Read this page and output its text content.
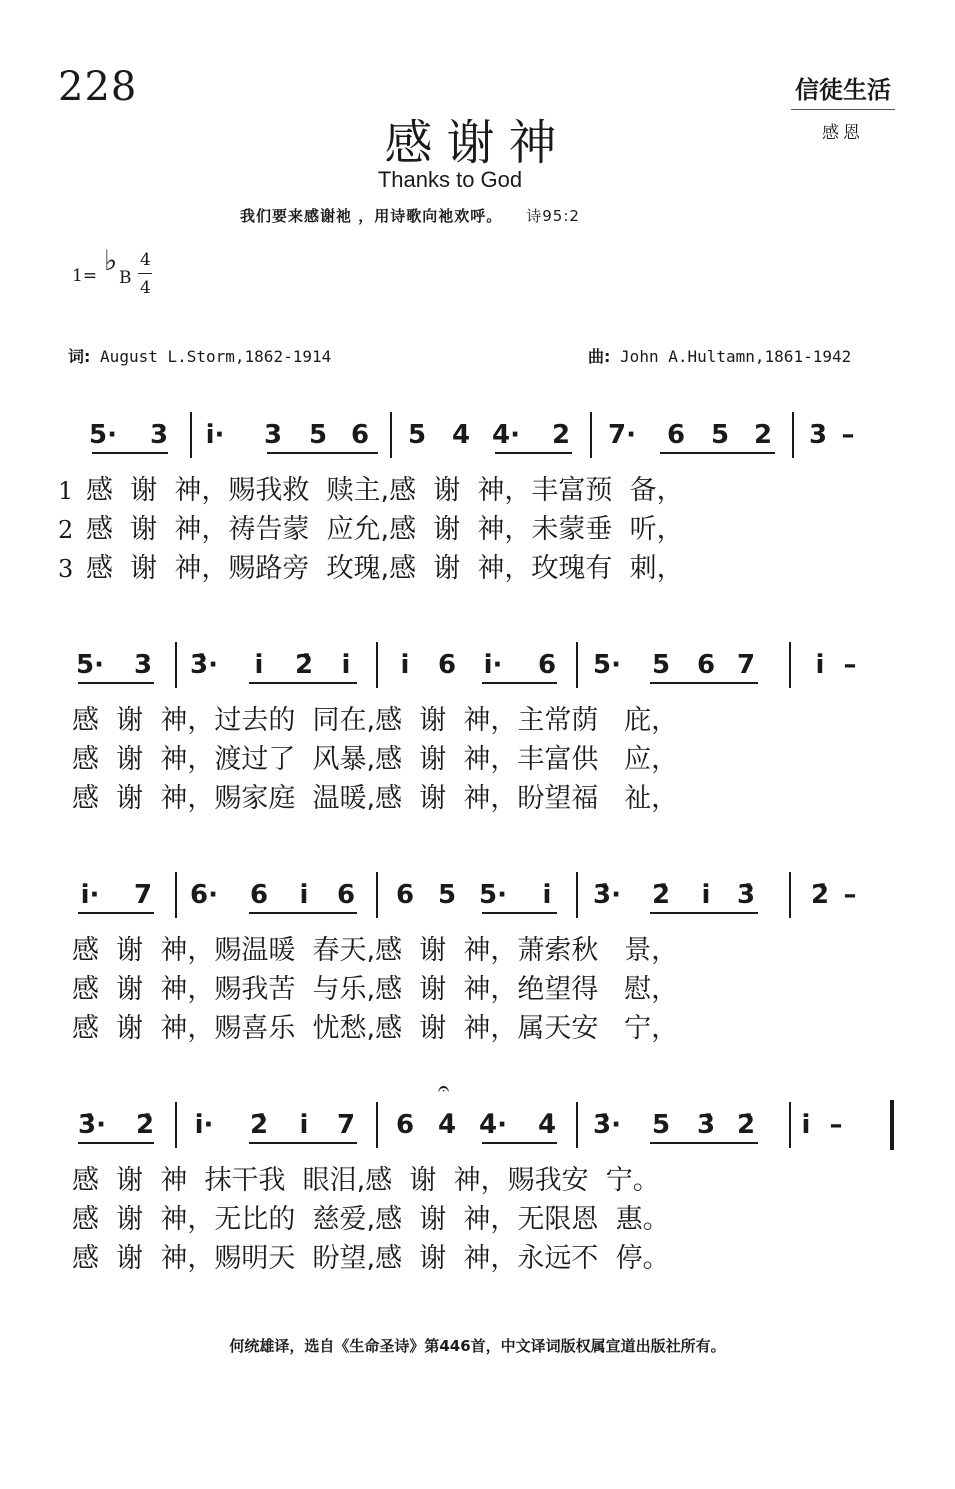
228	信徒生活
感恩
感谢神
Thanks to God
我们要来感谢祂 ，用诗歌向祂欢呼。 诗95:2
1= ♭
B
4
4
词: August L.Storm,1862-1914	曲: John A.Hultamn,1861-1942
5· 3 i̇· 3 5 6 5 4 4· 2 7· 6 5 2 3 –
1 感  谢  神，赐我救  赎主,感  谢  神，丰富预  备，
2 感  谢  神，祷告蒙  应允,感  谢  神，未蒙垂  听，
3 感  谢  神，赐路旁  玫瑰,感  谢  神，玫瑰有  刺，
5· 3 3̇· i̇ 2̇ i̇ i̇ 6 i̇· 6 5· 5 6 7 i̇ –
感  谢  神，过去的  同在,感  谢  神，主常荫   庇，
感  谢  神，渡过了  风暴,感  谢  神，丰富供   应，
感  谢  神，赐家庭  温暖,感  谢  神，盼望福   祉，
i̇· 7 6· 6 i̇ 6 6 5 5· i̇ 3̇· 2̇ i̇ 3̇ 2̇ –
感  谢  神，赐温暖  春天,感  谢  神，萧索秋   景，
感  谢  神，赐我苦  与乐,感  谢  神，绝望得   慰，
感  谢  神，赐喜乐  忧愁,感  谢  神，属天安   宁，
3̇· 2̇ i̇· 2̇ i̇ 7 6 4̇ 4̇· 4̇ 3̇· 5 3̇ 2̇ i̇ –
𝄐
感  谢  神  抹干我  眼泪,感  谢  神，赐我安  宁。
感  谢  神，无比的  慈爱,感  谢  神，无限恩  惠。
感  谢  神，赐明天  盼望,感  谢  神，永远不  停。
何统雄译，选自《生命圣诗》第446首，中文译词版权属宣道出版社所有。
